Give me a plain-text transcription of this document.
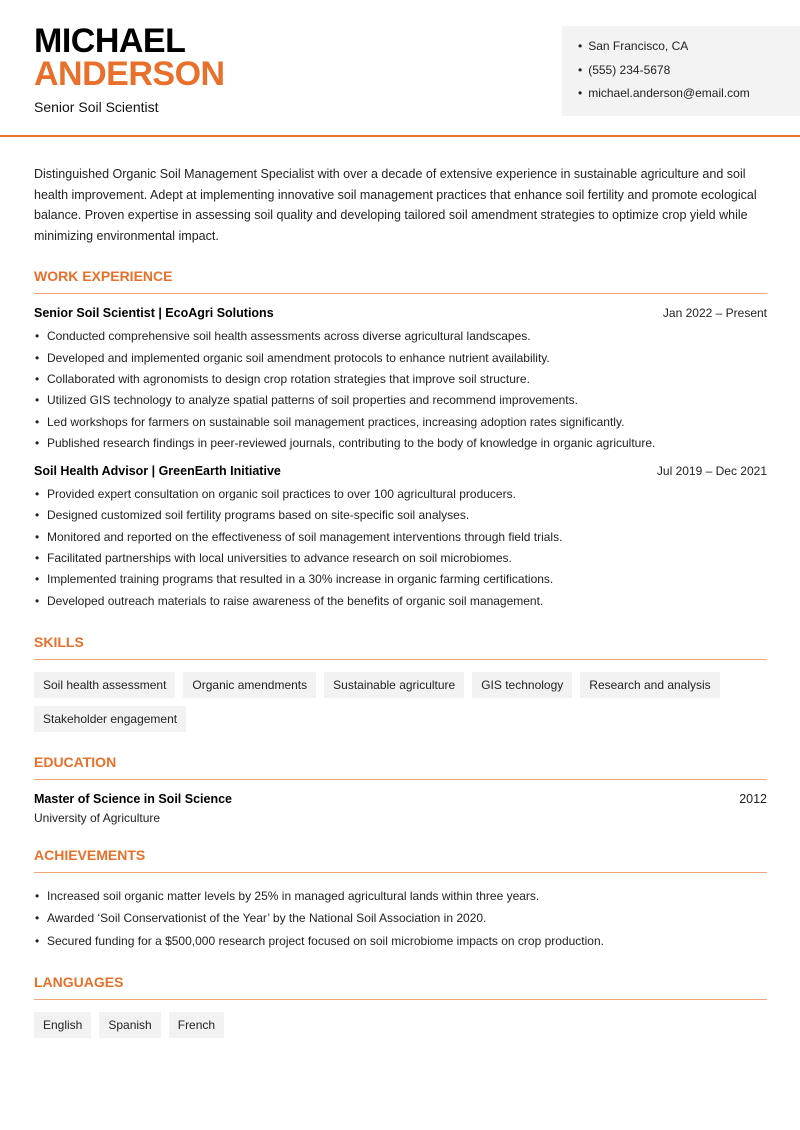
MICHAEL
ANDERSON
Senior Soil Scientist
• San Francisco, CA
• (555) 234-5678
• michael.anderson@email.com

Distinguished Organic Soil Management Specialist with over a decade of extensive experience in sustainable agriculture and soil health improvement. Adept at implementing innovative soil management practices that enhance soil fertility and promote ecological balance. Proven expertise in assessing soil quality and developing tailored soil amendment strategies to optimize crop yield while minimizing environmental impact.

WORK EXPERIENCE
Senior Soil Scientist | EcoAgri Solutions	Jan 2022 – Present
• Conducted comprehensive soil health assessments across diverse agricultural landscapes.
• Developed and implemented organic soil amendment protocols to enhance nutrient availability.
• Collaborated with agronomists to design crop rotation strategies that improve soil structure.
• Utilized GIS technology to analyze spatial patterns of soil properties and recommend improvements.
• Led workshops for farmers on sustainable soil management practices, increasing adoption rates significantly.
• Published research findings in peer-reviewed journals, contributing to the body of knowledge in organic agriculture.
Soil Health Advisor | GreenEarth Initiative	Jul 2019 – Dec 2021
• Provided expert consultation on organic soil practices to over 100 agricultural producers.
• Designed customized soil fertility programs based on site-specific soil analyses.
• Monitored and reported on the effectiveness of soil management interventions through field trials.
• Facilitated partnerships with local universities to advance research on soil microbiomes.
• Implemented training programs that resulted in a 30% increase in organic farming certifications.
• Developed outreach materials to raise awareness of the benefits of organic soil management.
SKILLS
Soil health assessment	Organic amendments	Sustainable agriculture	GIS technology	Research and analysis
Stakeholder engagement
EDUCATION
Master of Science in Soil Science	2012
University of Agriculture
ACHIEVEMENTS
• Increased soil organic matter levels by 25% in managed agricultural lands within three years.
• Awarded ‘Soil Conservationist of the Year’ by the National Soil Association in 2020.
• Secured funding for a $500,000 research project focused on soil microbiome impacts on crop production.
LANGUAGES
English	Spanish	French
